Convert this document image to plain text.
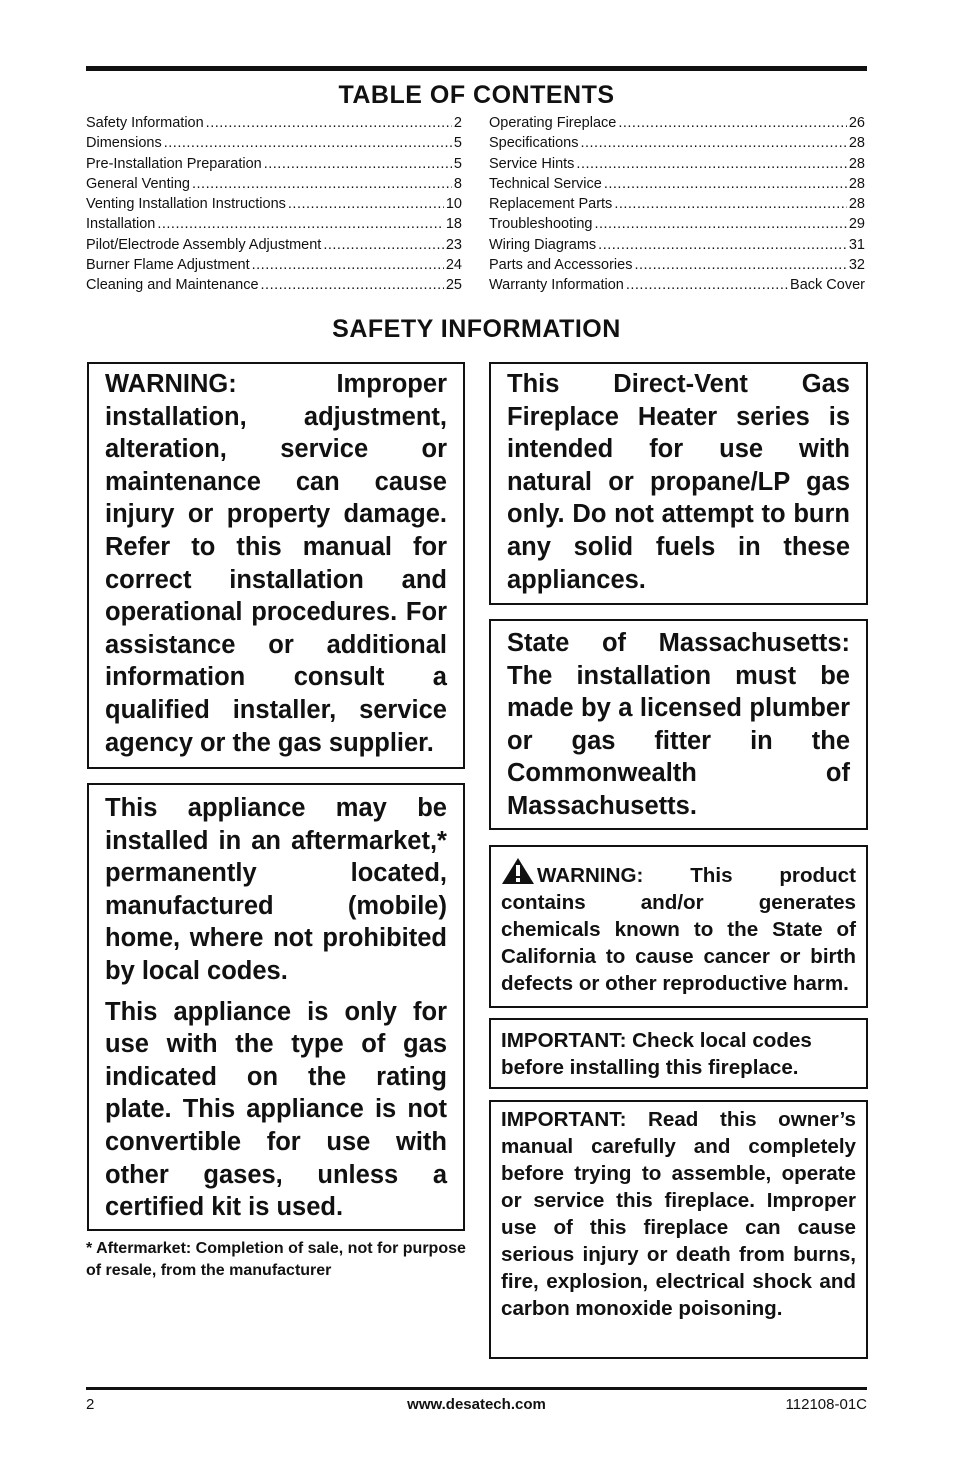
TABLE OF CONTENTS
Safety Information .....	2
Dimensions .....	5
Pre-Installation Preparation .....	5
General Venting .....	8
Venting Installation Instructions .....	10
Installation .....	18
Pilot/Electrode Assembly Adjustment .....	23
Burner Flame Adjustment .....	24
Cleaning and Maintenance .....	25
Operating Fireplace .....	26
Specifications .....	28
Service Hints .....	28
Technical Service .....	28
Replacement Parts .....	28
Troubleshooting .....	29
Wiring Diagrams .....	31
Parts and Accessories .....	32
Warranty Information .....	Back Cover
SAFETY INFORMATION

WARNING: Improper installation, adjustment, alteration, service or maintenance can cause injury or property damage. Refer to this manual for correct installation and operational procedures. For assistance or additional information consult a qualified installer, service agency or the gas supplier.

This appliance may be installed in an aftermarket,* permanently located, manufactured (mobile) home, where not prohibited by local codes.

This appliance is only for use with the type of gas indicated on the rating plate. This appliance is not convertible for use with other gases, unless a certified kit is used.

* Aftermarket: Completion of sale, not for purpose of resale, from the manufacturer

This Direct-Vent Gas Fireplace Heater series is intended for use with natural or propane/LP gas only. Do not attempt to burn any solid fuels in these appliances.

State of Massachusetts: The installation must be made by a licensed plumber or gas fitter in the Commonwealth of Massachusetts.

WARNING: This product contains and/or generates chemicals known to the State of California to cause cancer or birth defects or other reproductive harm.

IMPORTANT: Check local codes before installing this fireplace.

IMPORTANT: Read this owner’s manual carefully and completely before trying to assemble, operate or service this fireplace. Improper use of this fireplace can cause serious injury or death from burns, fire, explosion, electrical shock and carbon monoxide poisoning.

2	www.desatech.com	112108-01C
